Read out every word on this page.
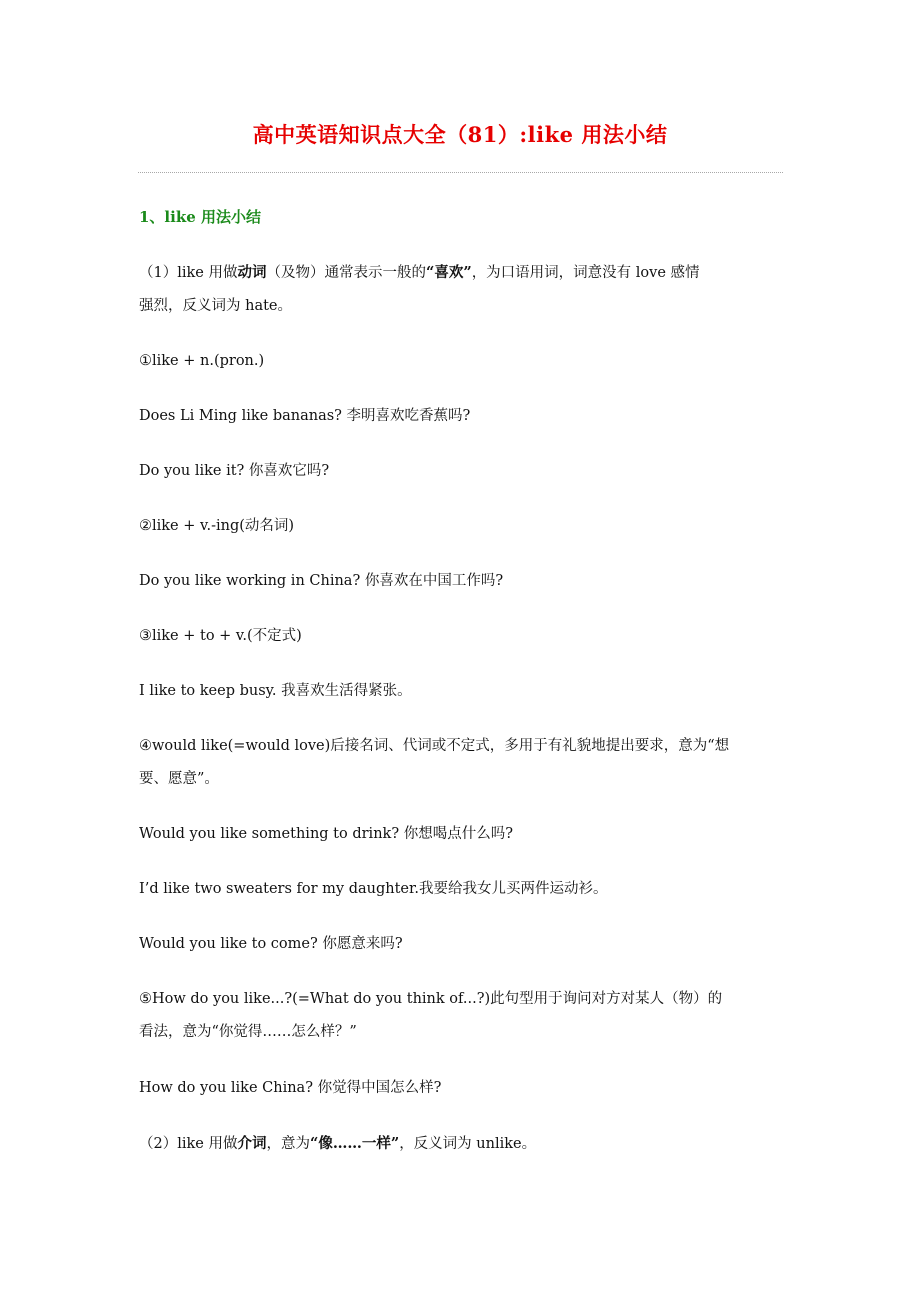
高中英语知识点大全（81）:like 用法小结
1、like 用法小结
（1）like 用做动词（及物）通常表示一般的“喜欢”，为口语用词，词意没有 love 感情
强烈，反义词为 hate。
①like + n.(pron.)
Does Li Ming like bananas? 李明喜欢吃香蕉吗?
Do you like it? 你喜欢它吗?
②like + v.-ing(动名词)
Do you like working in China? 你喜欢在中国工作吗?
③like + to + v.(不定式)
I like to keep busy. 我喜欢生活得紧张。
④would like(=would love)后接名词、代词或不定式，多用于有礼貌地提出要求，意为“想
要、愿意”。
Would you like something to drink? 你想喝点什么吗?
I’d like two sweaters for my daughter.我要给我女儿买两件运动衫。
Would you like to come? 你愿意来吗?
⑤How do you like...?(=What do you think of...?)此句型用于询问对方对某人（物）的
看法，意为“你觉得……怎么样？”
How do you like China? 你觉得中国怎么样?
（2）like 用做介词，意为“像……一样”，反义词为 unlike。
